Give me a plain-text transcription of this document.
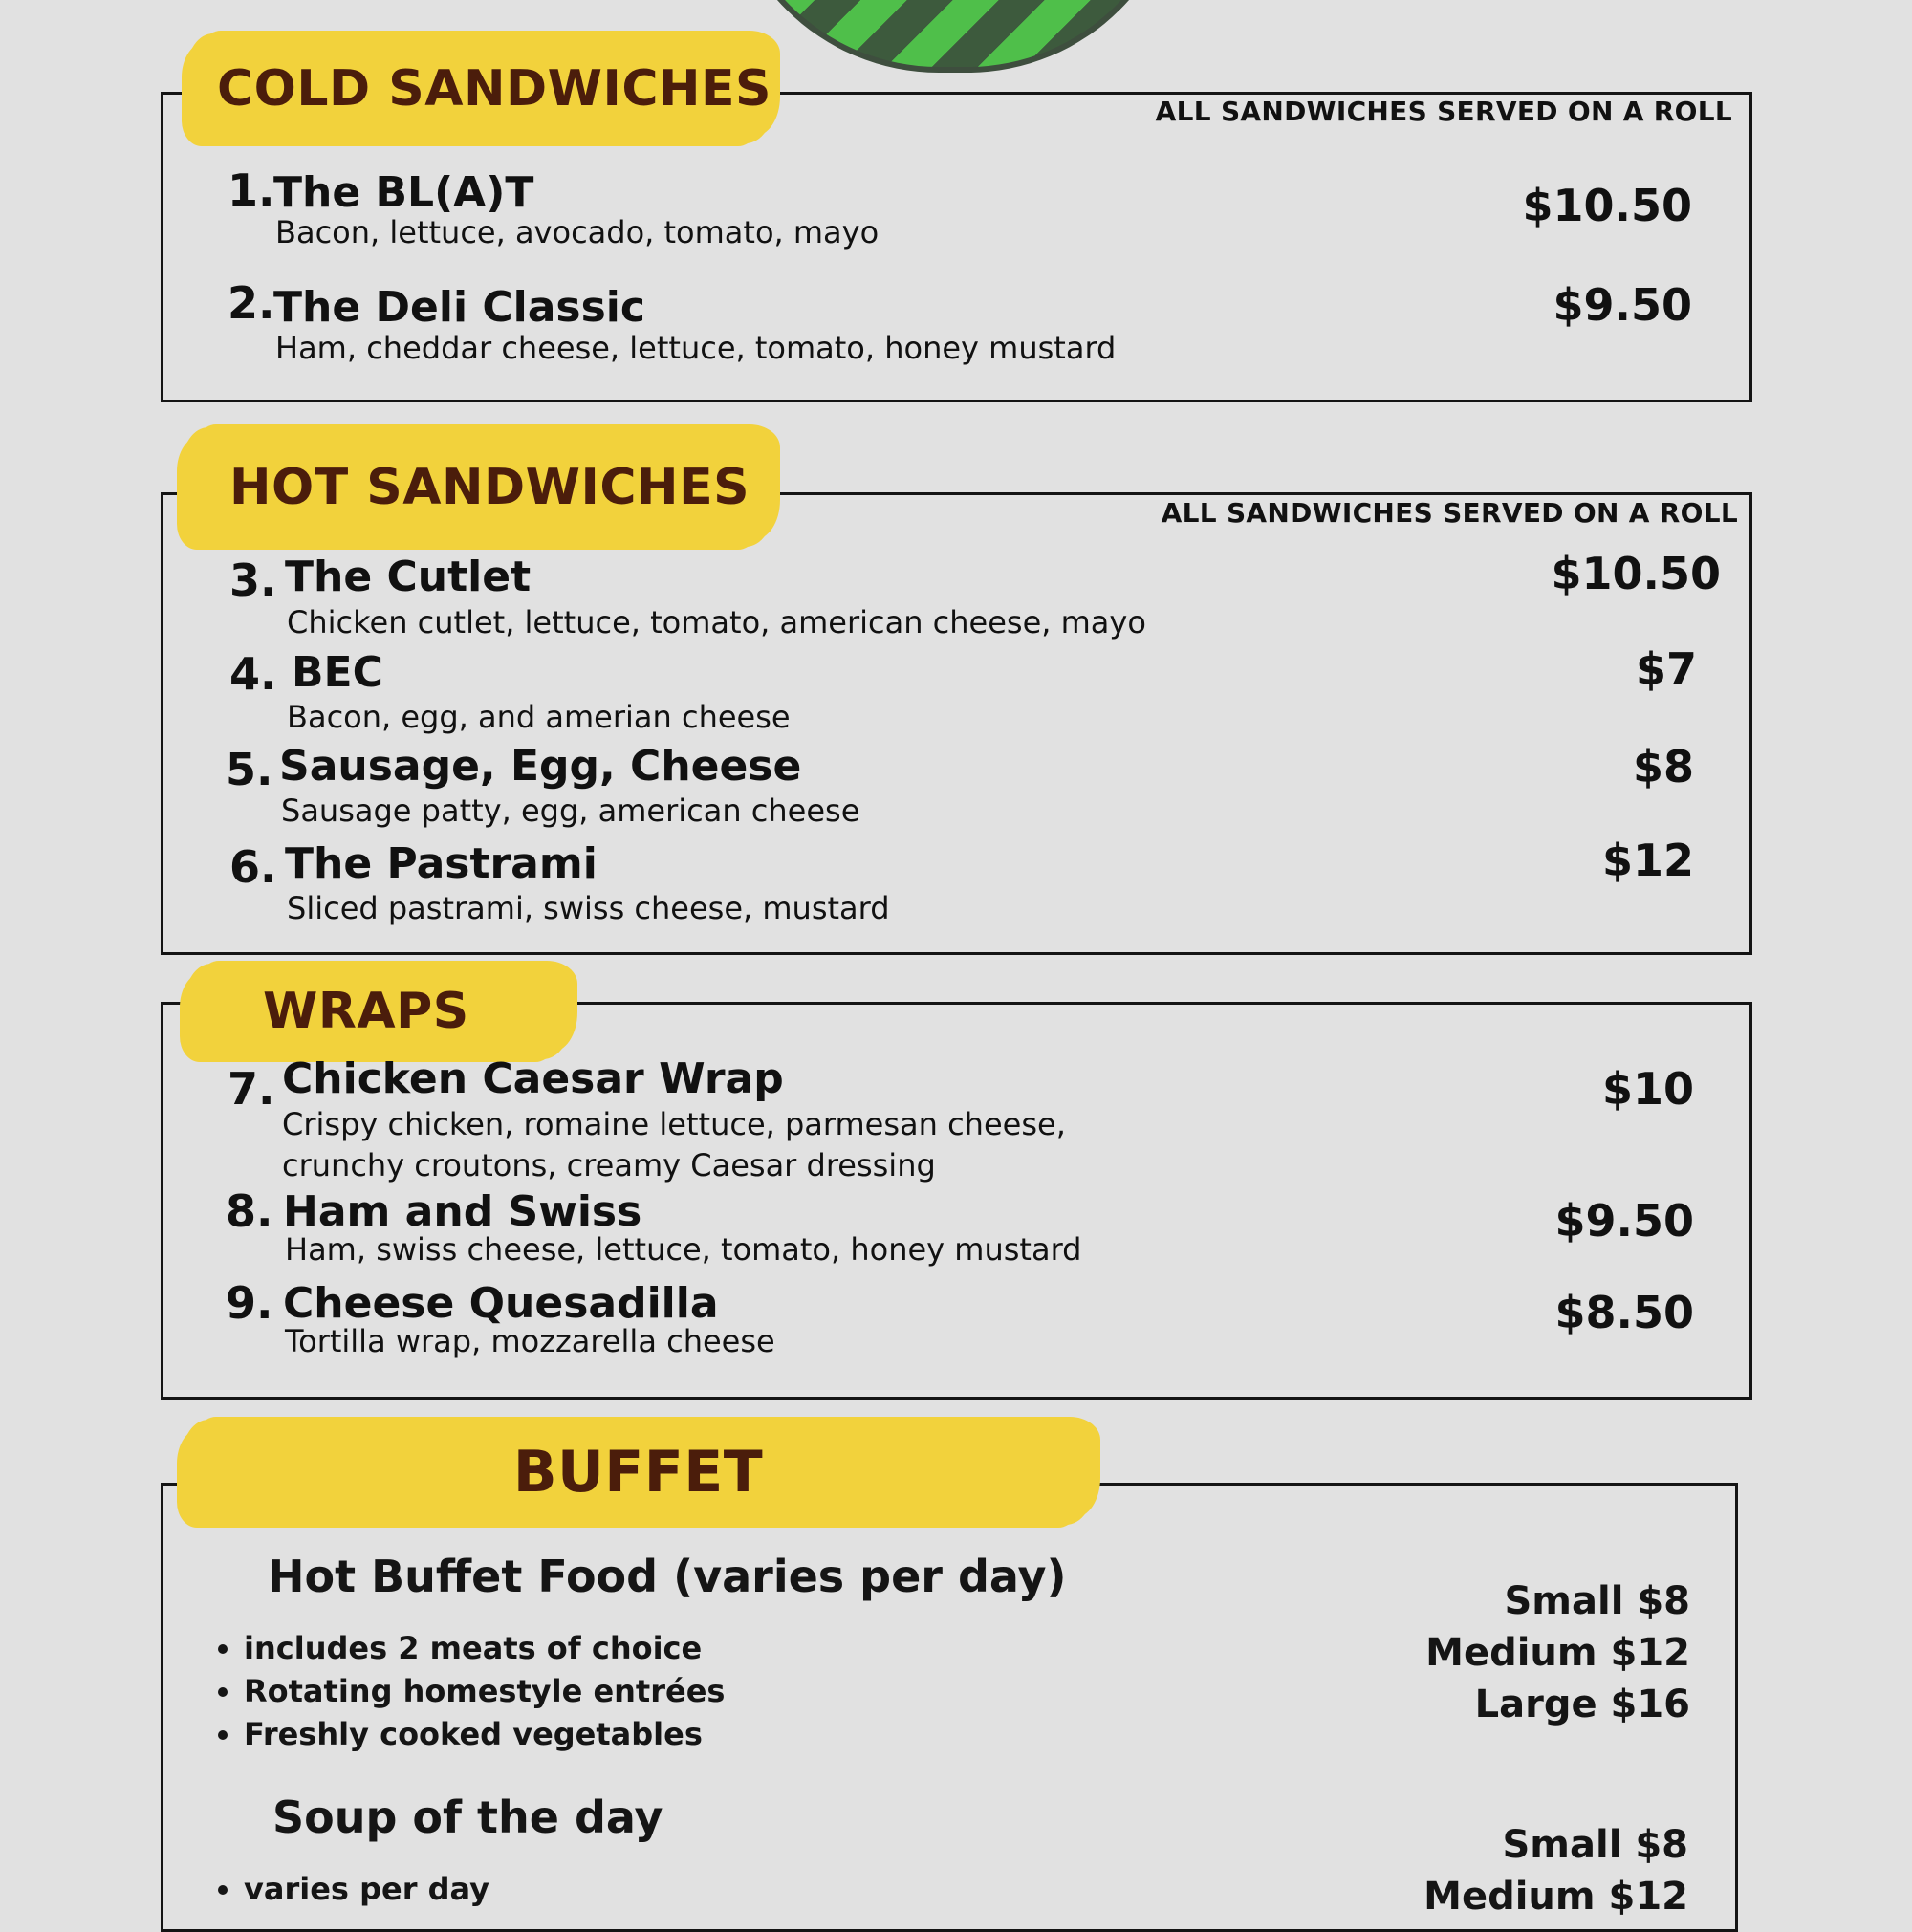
COLD SANDWICHES	ALL SANDWICHES SERVED ON A ROLL
1.
The BL(A)T
Bacon, lettuce, avocado, tomato, mayo
$10.50
2.
The Deli Classic
Ham, cheddar cheese, lettuce, tomato, honey mustard
$9.50
HOT SANDWICHES	ALL SANDWICHES SERVED ON A ROLL
3. The Cutlet
Chicken cutlet, lettuce, tomato, american cheese, mayo
$10.50
4. BEC
Bacon, egg, and amerian cheese
$7
5. Sausage, Egg, Cheese
Sausage patty, egg, american cheese
$8
6. The Pastrami
Sliced pastrami, swiss cheese, mustard
$12
WRAPS
7. Chicken Caesar Wrap
Crispy chicken, romaine lettuce, parmesan cheese,
crunchy croutons, creamy Caesar dressing
$10
8. Ham and Swiss
Ham, swiss cheese, lettuce, tomato, honey mustard
$9.50
9. Cheese Quesadilla
Tortilla wrap, mozzarella cheese
$8.50
BUFFET
Hot Buffet Food (varies per day)
• includes 2 meats of choice
• Rotating homestyle entrées
• Freshly cooked vegetables
Small $8
Medium $12
Large $16
Soup of the day
• varies per day
Small $8
Medium $12
